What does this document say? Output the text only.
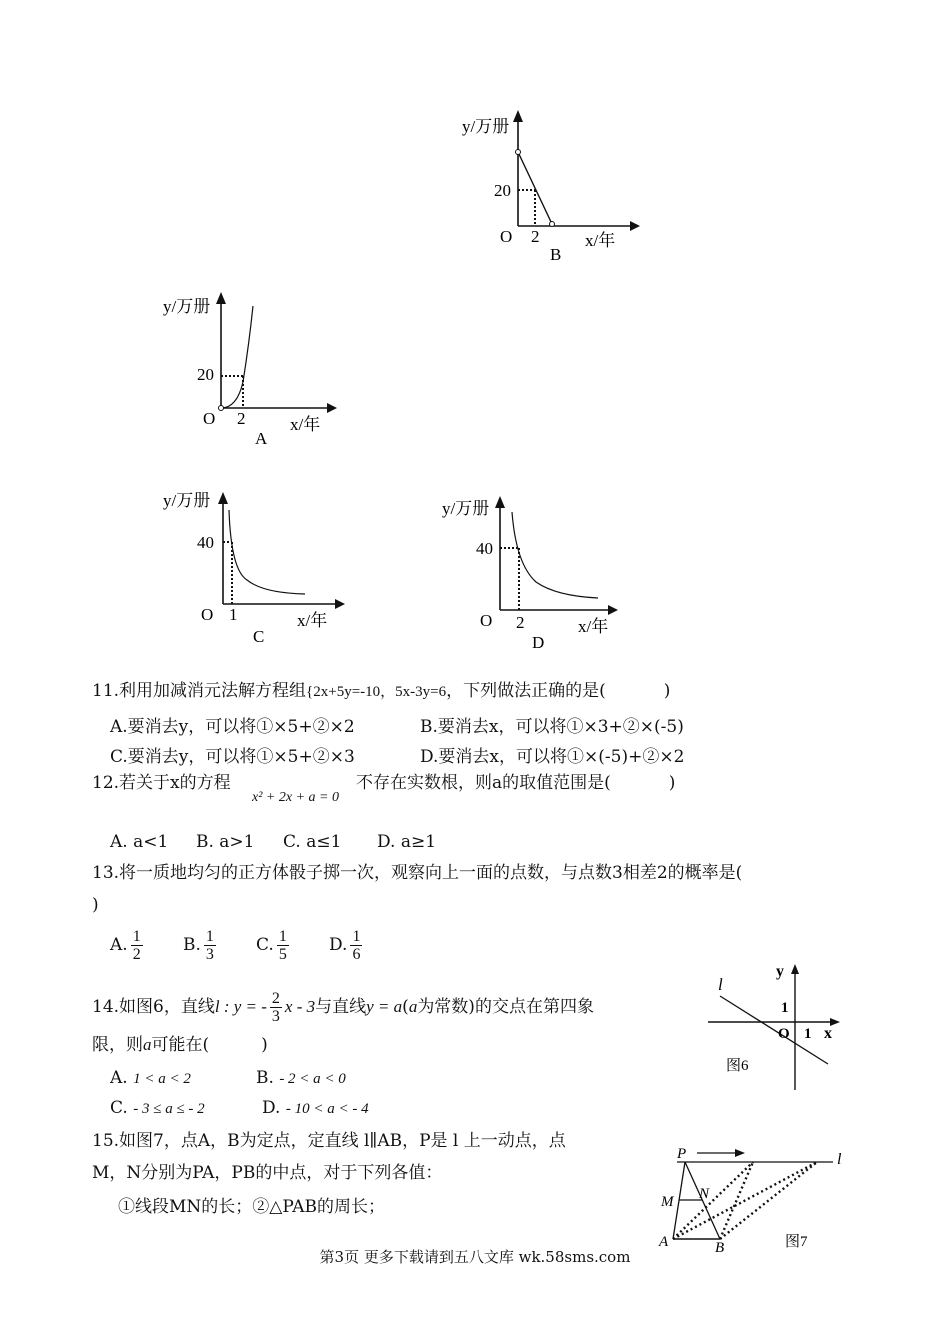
y/万册
20
O 2	x/年
B
y/万册
20
O 2	x/年
A
y/万册
40
O 1	x/年
C
y/万册
40
O 2	x/年
D
11.利用加减消元法解方程组{2x+5y=-10，5x-3y=6，下列做法正确的是(	)
A.要消去y，可以将①×5+②×2	B.要消去x，可以将①×3+②×(-5)
C.要消去y，可以将①×5+②×3	D.要消去x，可以将①×(-5)+②×2
12.若关于x的方程
x² + 2x + a = 0
不存在实数根，则a的取值范围是(	)
A. a<1 B. a>1 C. a≤1 D. a≥1
13.将一质地均匀的正方体骰子掷一次，观察向上一面的点数，与点数3相差2的概率是(
)
A. $\frac{1}{2} B$. $\frac{1}{3} C$. $\frac{1}{5} D$. $\frac{1}{6}$
14.如图6，直线l : y = - $\frac{2}{3}$ x - 3与直线y = a(a为常数)的交点在第四象
限，则a可能在(	)
A. 1 < a < 2	B. - 2 < a < 0
C. - 3 ≤ a ≤ - 2	D. - 10 < a < - 4
y
x
1
O 1
l
图6
15.如图7，点A，B为定点，定直线 l∥AB，P是 l 上一动点，点
M，N分别为PA，PB的中点，对于下列各值：
①线段MN的长；②△PAB的周长；
P
M N
A	B
l
图7
第3页 更多下载请到五八文库 wk.58sms.com
